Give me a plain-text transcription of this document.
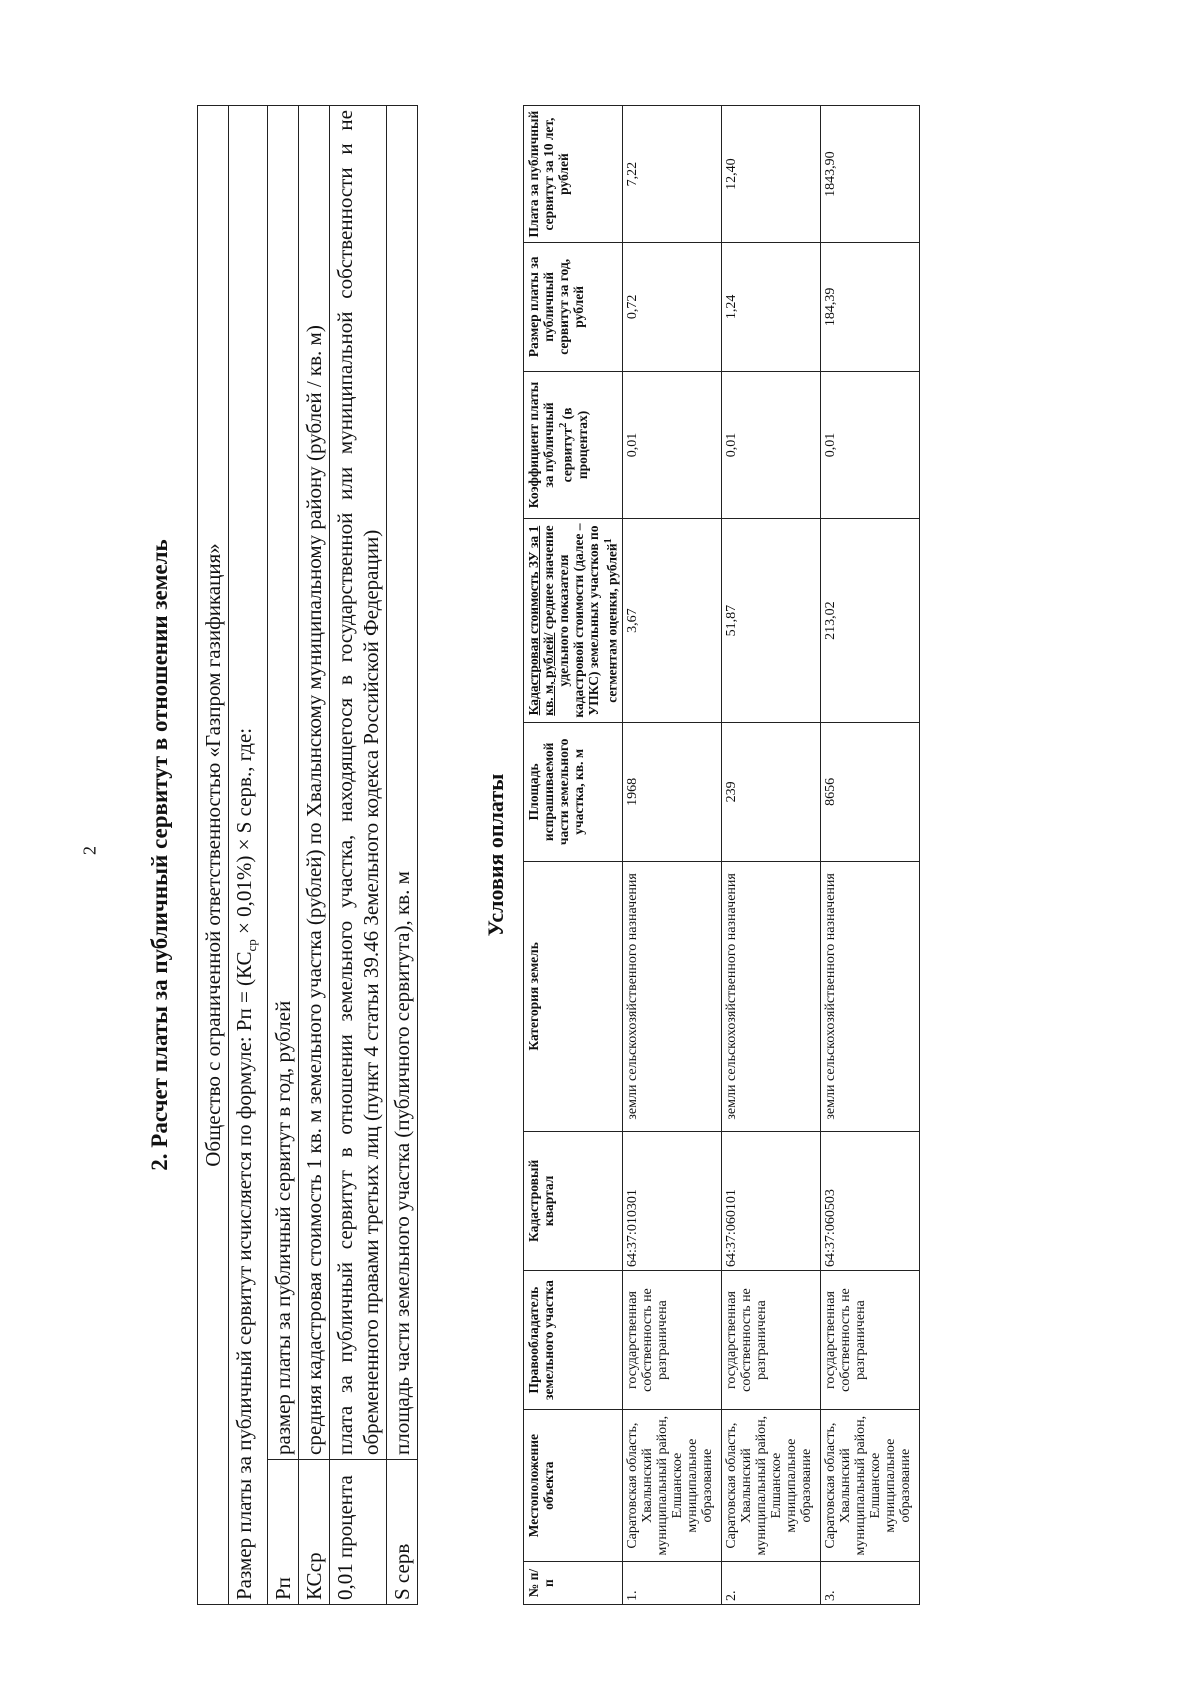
2 2. Расчет платы за публичный сервитут в отношении земель Общество с ограниченной ответственностью «Газпром газификация»	
Размер платы за публичный сервитут исчисляется по формуле: Рп = $(КС_{ср} \times 0,01\%) \times S$ серв., где:	
Рп	размер платы за публичный сервитут в год, рублей
КСср	средняя кадастровая стоимость 1 кв. м земельного участка (рублей) по Хвалынскому муниципальному району (рублей / кв. м)
0,01 процента	плата за публичный сервитут в отношении земельного участка, находящегося в государственной или муниципальной собственности и не обремененного правами третьих лиц (пункт 4 статьи 39.46 Земельного кодекса Российской Федерации)
S серв	площадь части земельного участка (публичного сервитута), кв. м
Условия оплаты
№ п/п	Местоположение объекта	Правообладатель земельного участка	Кадастровый квартал	Категория земель	Площадь испрашиваемой части земельного участка, кв. м	Кадастровая стоимость ЗУ за 1 кв. м, рублей/ среднее значение удельного показателя кадастровой стоимости (далее – УПКС) земельных участков по сегментам оценки, рублей$^1$	Коэффициент платы за публичный сервитут$^2$ (в процентах)	Размер платы за публичный сервитут за год, рублей	Плата за публичный сервитут за 10 лет, рублей
1.	Саратовская область, Хвалынский муниципальный район, Елшанское муниципальное образование	государственная собственность не разграничена	64:37:010301	земли сельскохозяйственного назначения	1968	3,67	0,01	0,72	7,22
2.	Саратовская область, Хвалынский муниципальный район, Елшанское муниципальное образование	государственная собственность не разграничена	64:37:060101	земли сельскохозяйственного назначения	239	51,87	0,01	1,24	12,40
3.	Саратовская область, Хвалынский муниципальный район, Елшанское муниципальное образование	государственная собственность не разграничена	64:37:060503	земли сельскохозяйственного назначения	8656	213,02	0,01	184,39	1843,90
